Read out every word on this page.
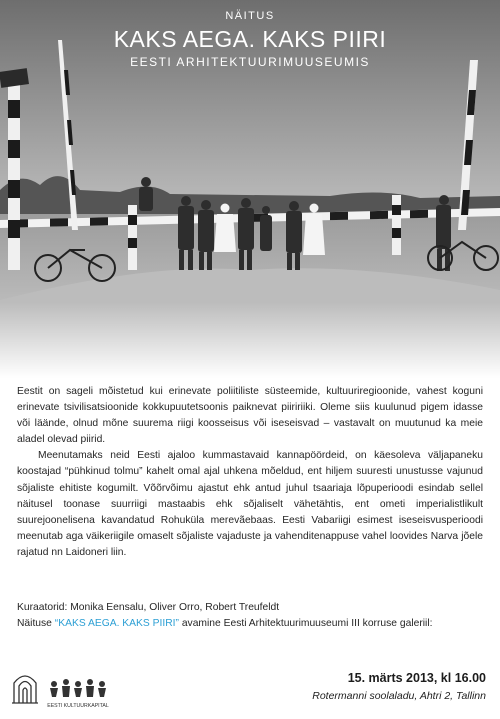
NÄITUS
KAKS AEGA. KAKS PIIRI
EESTI ARHITEKTUURIMUUSEUMIS

Eestit on sageli mõistetud kui erinevate poliitiliste süsteemide, kultuuriregioonide, vahest koguni erinevate tsivilisatsioonide kokkupuutetsoonis paiknevat piiririiki. Oleme siis kuulunud pigem idasse või läände, olnud mõne suurema riigi koosseisus või iseseisvad – vastavalt on muutunud ka meie aladel olevad piirid.

Meenutamaks neid Eesti ajaloo kummastavaid kannapöördeid, on käesoleva väljapaneku koostajad “pühkinud tolmu” kahelt omal ajal uhkena mõeldud, ent hiljem suuresti unustusse vajunud sõjaliste ehitiste kogumilt. Võõrvõimu ajastut ehk antud juhul tsaariaja lõpuperioodi esindab sellel näitusel toonase suurriigi mastaabis ehk sõjaliselt vähetähtis, ent ometi imperialistlikult suurejoonelisena kavandatud Rohuküla merevãebaas. Eesti Vabariigi esimest iseseisvusperioodi meenutab aga väikeriigile omaselt sõjaliste vajaduste ja vahenditenappuse vahel loovides Narva jõele rajatud nn Laidoneri liin.

Kuraatorid: Monika Eensalu, Oliver Orro, Robert Treufeldt
Näituse “KAKS AEGA. KAKS PIIRI” avamine Eesti Arhitektuurimuuseumi III korruse galeriil:
EESTI KULTUURKAPITAL
15. märts 2013, kl 16.00
Rotermanni soolaladu, Ahtri 2, Tallinn
